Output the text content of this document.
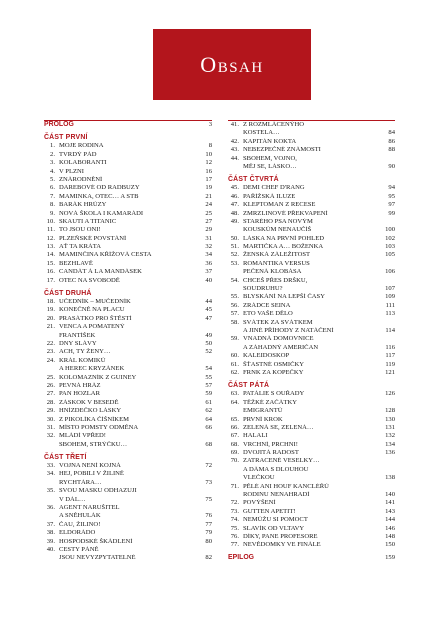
Obsah
PROLOG	3
ČÁST PRVNÍ
1. MOJE RODINA	8
2. TVRDÝ PÁD	10
3. KOLABORANTI	12
4. V PLZNI	16
5. ZNÁRODNĚNÍ	17
6. DAREBOVÉ OD RADBUZY	19
7. MAMINKA, OTEC… A STB	21
8. BARÁK HRŮZY	24
9. NOVÁ ŠKOLA I KAMARÁDI	25
10. SKAUTI A TITANIC	27
11. TO JSOU ONI!	29
12. PLZEŇSKÉ POVSTÁNÍ	31
13. AŤ TA KRÁTA	32
14. MAMINČINA KŘÍŽOVÁ CESTA	34
15. BEZHLAVĚ	36
16. CANDÁT À LA MANDÁSEK	37
17. OTEC NA SVOBODĚ	40
ČÁST DRUHÁ
18. UČEDNÍK – MUČEDNÍK	44
19. KONEČNĚ NA PLACU	45
20. PRASÁTKO PRO ŠTĚSTÍ	47
21. VENCA A POMATENÝ
FRANTÍŠEK	49
22. DNY SLÁVY	50
23. ACH, TY ŽENY…	52
24. KRÁL KOMIKŮ
A HEREC KRYZÁNEK	54
25. KOLOMAZNÍK Z GUINEY	55
26. PEVNÁ HRÁZ	57
27. PAN HOZLAR	59
28. ZÁSKOK V BESEDĚ	61
29. HNÍZDEČKO LÁSKY	62
30. Z PIKOLÍKA ČÍŠNÍKEM	64
31. MÍSTO POMSTY ODMĚNA	66
32. MLÁDÍ VPŘED!
SBOHEM, STRÝČKU…	68
ČÁST TŘETÍ
33. VOJNA NENÍ KOJNÁ	72
34. HEJ, POBILI V ŽILINĚ
RYCHTÁRA…	73
35. SVOU MASKU ODHAZUJI
V DÁL…	75
36. AGENT NARUŠITEL
A SNĚHULÁK	76
37. ČAU, ŽILINO!	77
38. ELDORÁDO	79
39. HOSPODSKÉ ŠKÁDLENÍ	80
40. CESTY PÁNĚ
JSOU NEVYZPYTATELNÉ	82
41. Z ROZMLÁCENÝHO
KOSTELA…	84
42. KAPITÁN KOKTA	86
43. NEBEZPEČNÉ ZNÁMOSTI	88
44. SBOHEM, VOJNO,
MĚJ SE, LÁSKO…	90
ČÁST ČTVRTÁ
45. DEMI CHEF D'RANG	94
46. PAŘÍŽSKÁ ILUZE	95
47. KLEPTOMAN Z RECESE	97
48. ZMRZLINOVÉ PŘEKVAPENÍ	99
49. STARÉHO PSA NOVÝM
KOUSKŮM NENAUČÍŠ	100
50. LÁSKA NA PRVNÍ POHLED	102
51. MARTIČKA A… BOŽENKA	103
52. ŽENSKÁ ZÁLEŽITOST	105
53. ROMANTIKA VERSUS
PEČENÁ KLOBÁSA	106
54. CHCEŠ PŘES DRŠKU,
SOUDRUHU?	107
55. BLYSKÁNÍ NA LEPŠÍ ČASY	109
56. ZRÁDCE SEINA	111
57. ETO VAŠE DĚLO	113
58. SVÁTEK ZA SVÁTKEM
A JINÉ PŘÍHODY Z NATÁČENÍ	114
59. VNADNÁ DOMOVNICE
A ZÁHADNÝ AMERIČAN	116
60. KALEIDOSKOP	117
61. ŠŤASTNÉ OSMIČKY	119
62. FRNK ZA KOPEČKY	121
ČÁST PÁTÁ
63. PATÁLIE S OUŘADY	126
64. TĚŽKÉ ZAČÁTKY
EMIGRANTŮ	128
65. PRVNÍ KROK	130
66. ZELENÁ SE, ZELENÁ…	131
67. HALALI	132
68. VRCHNÍ, PRCHNI!	134
69. DVOJITÁ RADOST	136
70. ZATRACENÉ VESELKY…
A DÁMA S DLOUHOU
VLEČKOU	138
71. PĚLÉ ANI HOUF KANCLÉŘŮ
RODINU NENAHRADÍ	140
72. POVÝŠENÍ	141
73. GUTTEN APETIT!	143
74. NEMŮŽU SI POMOCT	144
75. SLAVÍK OD VLTAVY	146
76. DÍKY, PANE PROFESORE	148
77. NEVĚDOMKY VE FINÁLE	150
EPILOG	159
